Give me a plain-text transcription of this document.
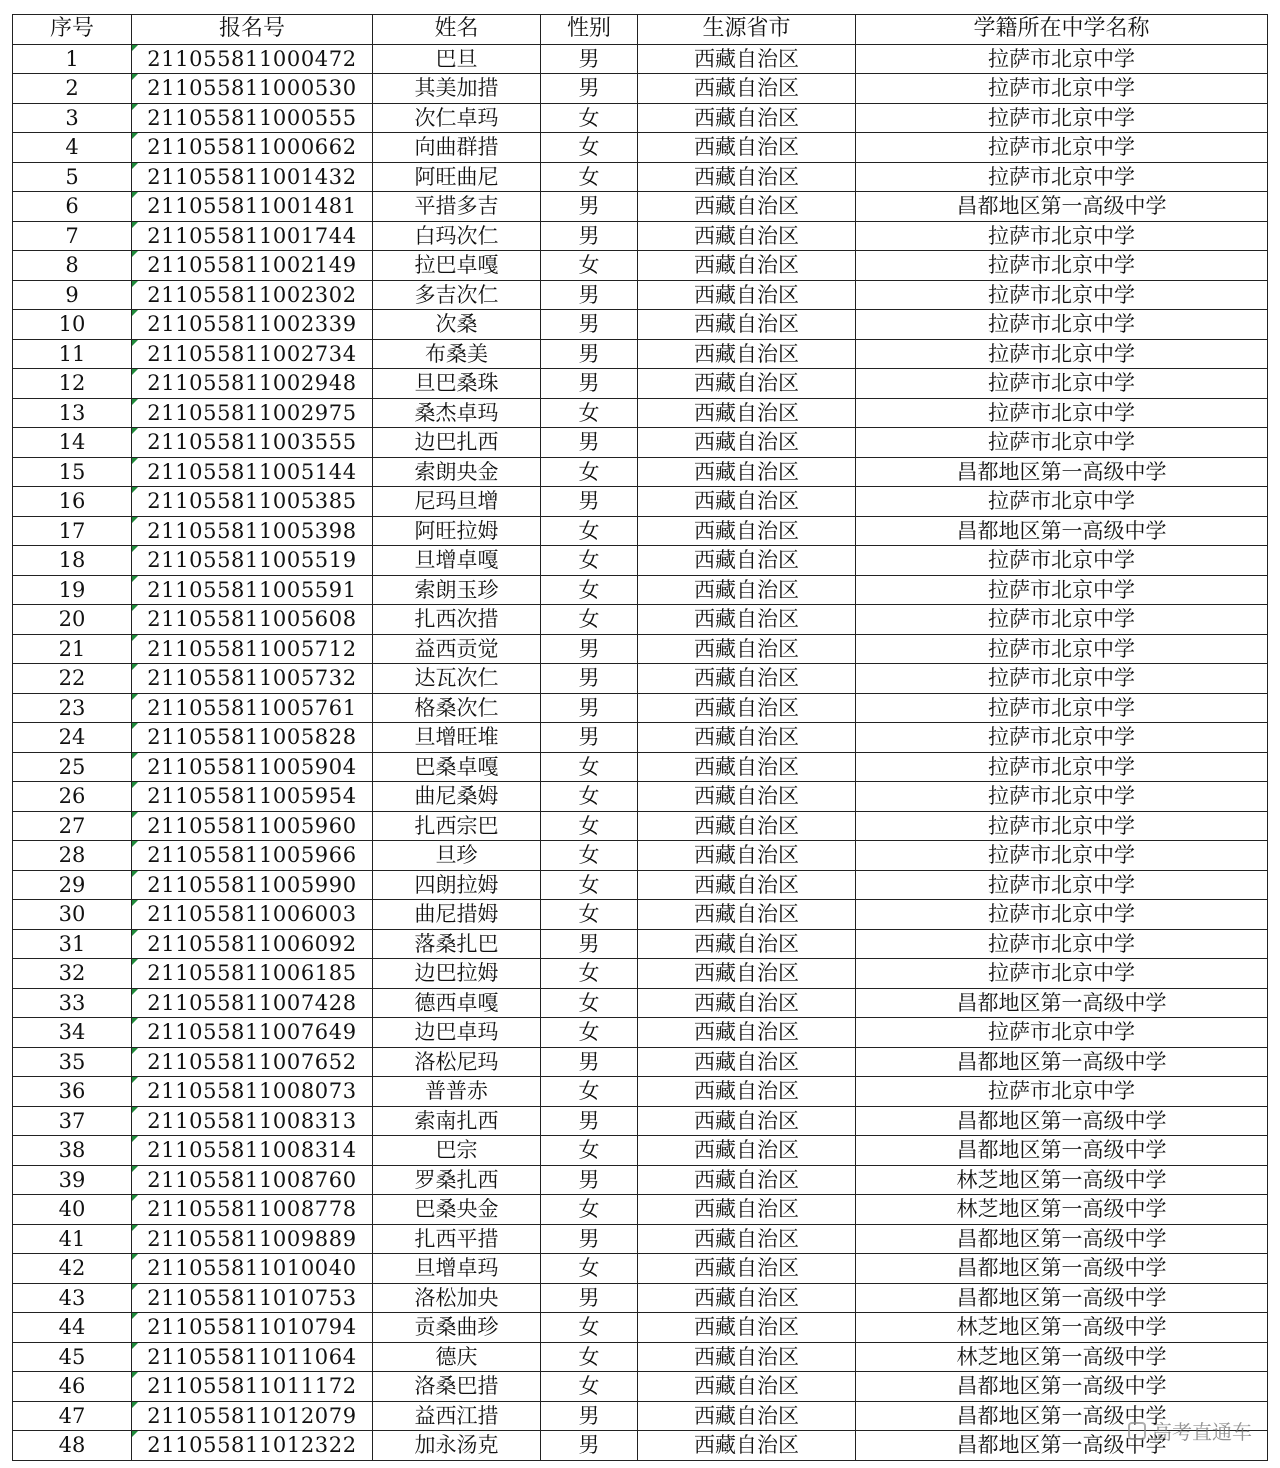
序号	报名号	姓名	性别	生源省市	学籍所在中学名称
1	211055811000472	巴旦	男	西藏自治区	拉萨市北京中学
2	211055811000530	其美加措	男	西藏自治区	拉萨市北京中学
3	211055811000555	次仁卓玛	女	西藏自治区	拉萨市北京中学
4	211055811000662	向曲群措	女	西藏自治区	拉萨市北京中学
5	211055811001432	阿旺曲尼	女	西藏自治区	拉萨市北京中学
6	211055811001481	平措多吉	男	西藏自治区	昌都地区第一高级中学
7	211055811001744	白玛次仁	男	西藏自治区	拉萨市北京中学
8	211055811002149	拉巴卓嘎	女	西藏自治区	拉萨市北京中学
9	211055811002302	多吉次仁	男	西藏自治区	拉萨市北京中学
10	211055811002339	次桑	男	西藏自治区	拉萨市北京中学
11	211055811002734	布桑美	男	西藏自治区	拉萨市北京中学
12	211055811002948	旦巴桑珠	男	西藏自治区	拉萨市北京中学
13	211055811002975	桑杰卓玛	女	西藏自治区	拉萨市北京中学
14	211055811003555	边巴扎西	男	西藏自治区	拉萨市北京中学
15	211055811005144	索朗央金	女	西藏自治区	昌都地区第一高级中学
16	211055811005385	尼玛旦增	男	西藏自治区	拉萨市北京中学
17	211055811005398	阿旺拉姆	女	西藏自治区	昌都地区第一高级中学
18	211055811005519	旦增卓嘎	女	西藏自治区	拉萨市北京中学
19	211055811005591	索朗玉珍	女	西藏自治区	拉萨市北京中学
20	211055811005608	扎西次措	女	西藏自治区	拉萨市北京中学
21	211055811005712	益西贡觉	男	西藏自治区	拉萨市北京中学
22	211055811005732	达瓦次仁	男	西藏自治区	拉萨市北京中学
23	211055811005761	格桑次仁	男	西藏自治区	拉萨市北京中学
24	211055811005828	旦增旺堆	男	西藏自治区	拉萨市北京中学
25	211055811005904	巴桑卓嘎	女	西藏自治区	拉萨市北京中学
26	211055811005954	曲尼桑姆	女	西藏自治区	拉萨市北京中学
27	211055811005960	扎西宗巴	女	西藏自治区	拉萨市北京中学
28	211055811005966	旦珍	女	西藏自治区	拉萨市北京中学
29	211055811005990	四朗拉姆	女	西藏自治区	拉萨市北京中学
30	211055811006003	曲尼措姆	女	西藏自治区	拉萨市北京中学
31	211055811006092	落桑扎巴	男	西藏自治区	拉萨市北京中学
32	211055811006185	边巴拉姆	女	西藏自治区	拉萨市北京中学
33	211055811007428	德西卓嘎	女	西藏自治区	昌都地区第一高级中学
34	211055811007649	边巴卓玛	女	西藏自治区	拉萨市北京中学
35	211055811007652	洛松尼玛	男	西藏自治区	昌都地区第一高级中学
36	211055811008073	普普赤	女	西藏自治区	拉萨市北京中学
37	211055811008313	索南扎西	男	西藏自治区	昌都地区第一高级中学
38	211055811008314	巴宗	女	西藏自治区	昌都地区第一高级中学
39	211055811008760	罗桑扎西	男	西藏自治区	林芝地区第一高级中学
40	211055811008778	巴桑央金	女	西藏自治区	林芝地区第一高级中学
41	211055811009889	扎西平措	男	西藏自治区	昌都地区第一高级中学
42	211055811010040	旦增卓玛	女	西藏自治区	昌都地区第一高级中学
43	211055811010753	洛松加央	男	西藏自治区	昌都地区第一高级中学
44	211055811010794	贡桑曲珍	女	西藏自治区	林芝地区第一高级中学
45	211055811011064	德庆	女	西藏自治区	林芝地区第一高级中学
46	211055811011172	洛桑巴措	女	西藏自治区	昌都地区第一高级中学
47	211055811012079	益西江措	男	西藏自治区	昌都地区第一高级中学
48	211055811012322	加永汤克	男	西藏自治区	昌都地区第一高级中学
高考直通车
